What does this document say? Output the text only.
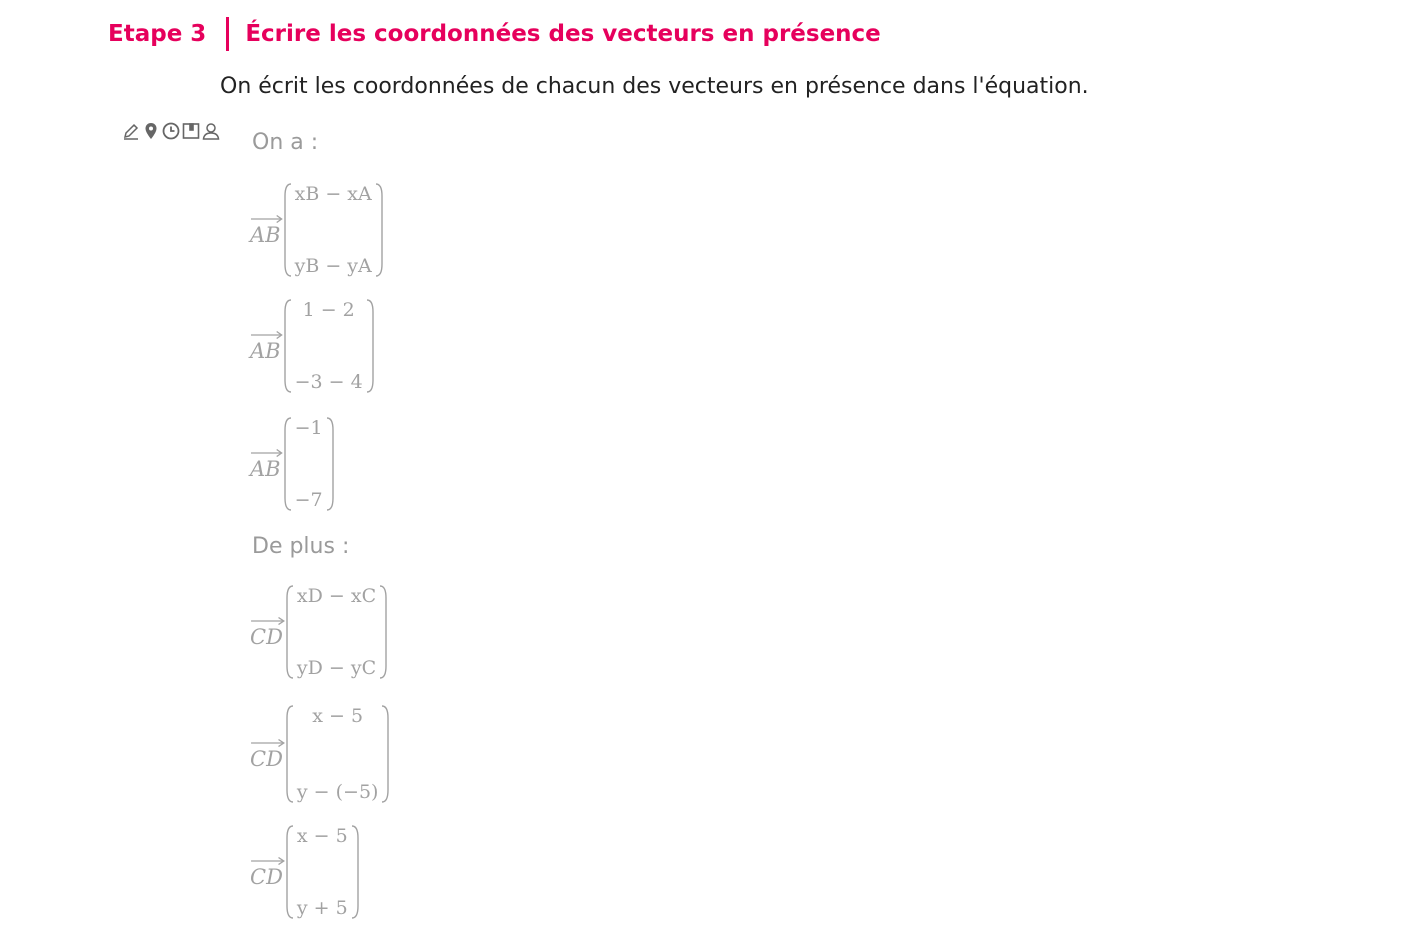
Etape 3 Écrire les coordonnées des vecteurs en présence
On écrit les coordonnées de chacun des vecteurs en présence dans l'équation.
On a :
De plus :
AB
xB − xA
yB − yA
AB
1 − 2
−3 − 4
AB
−1
−7
CD
xD − xC
yD − yC
CD
x − 5
y − (−5)
CD
x − 5
y + 5
